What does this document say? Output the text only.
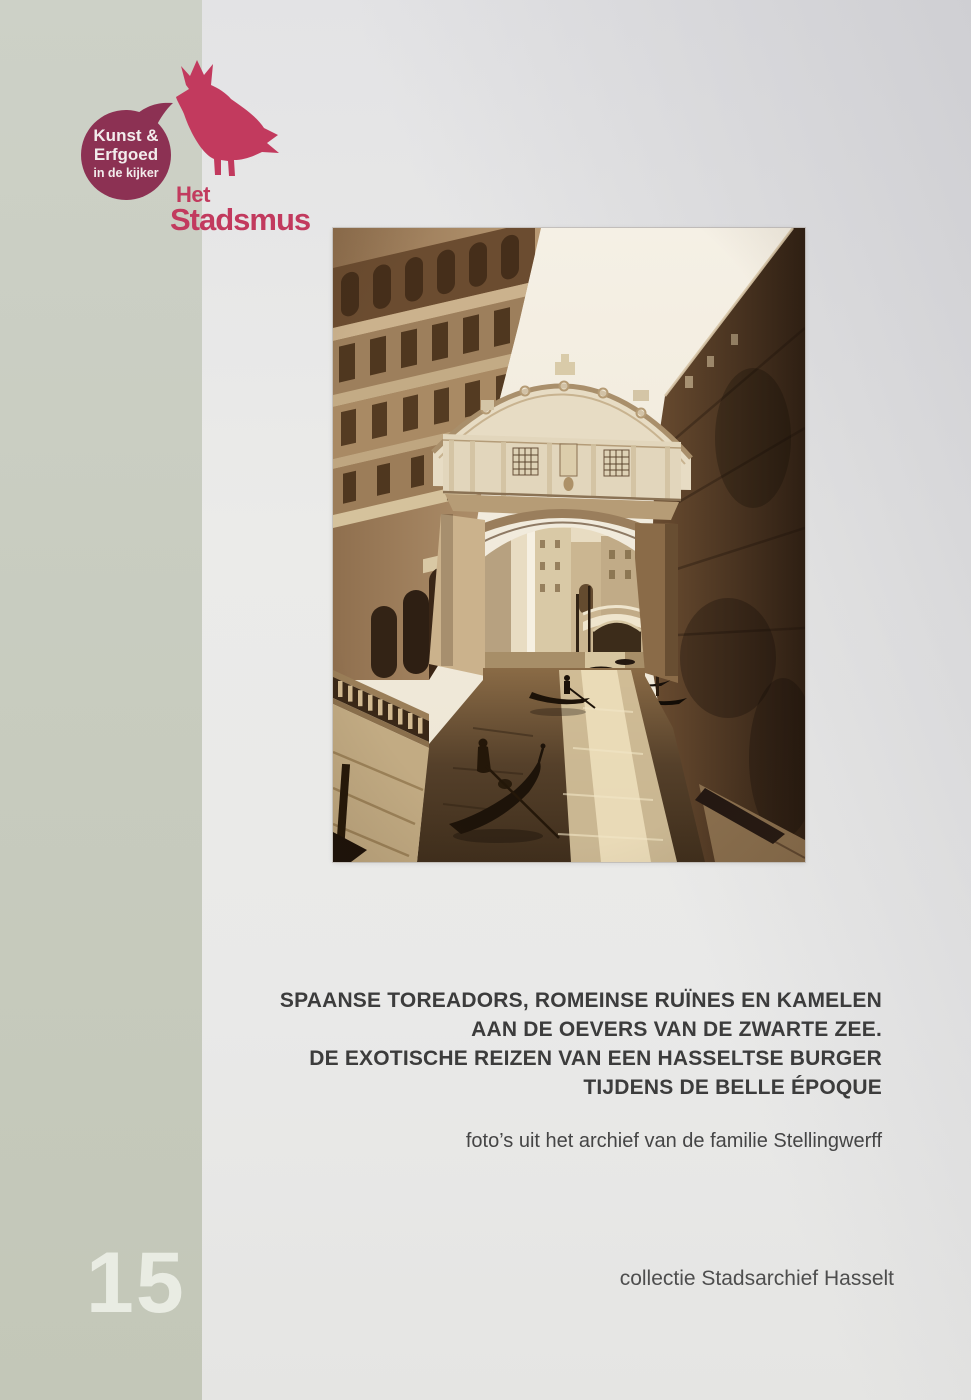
Kunst &
Erfgoed
in de kijker
Het
Stadsmus
SPAANSE TOREADORS, ROMEINSE RUÏNES EN KAMELEN
AAN DE OEVERS VAN DE ZWARTE ZEE.
DE EXOTISCHE REIZEN VAN EEN HASSELTSE BURGER
TIJDENS DE BELLE ÉPOQUE
foto’s uit het archief van de familie Stellingwerff
collectie Stadsarchief Hasselt
15
